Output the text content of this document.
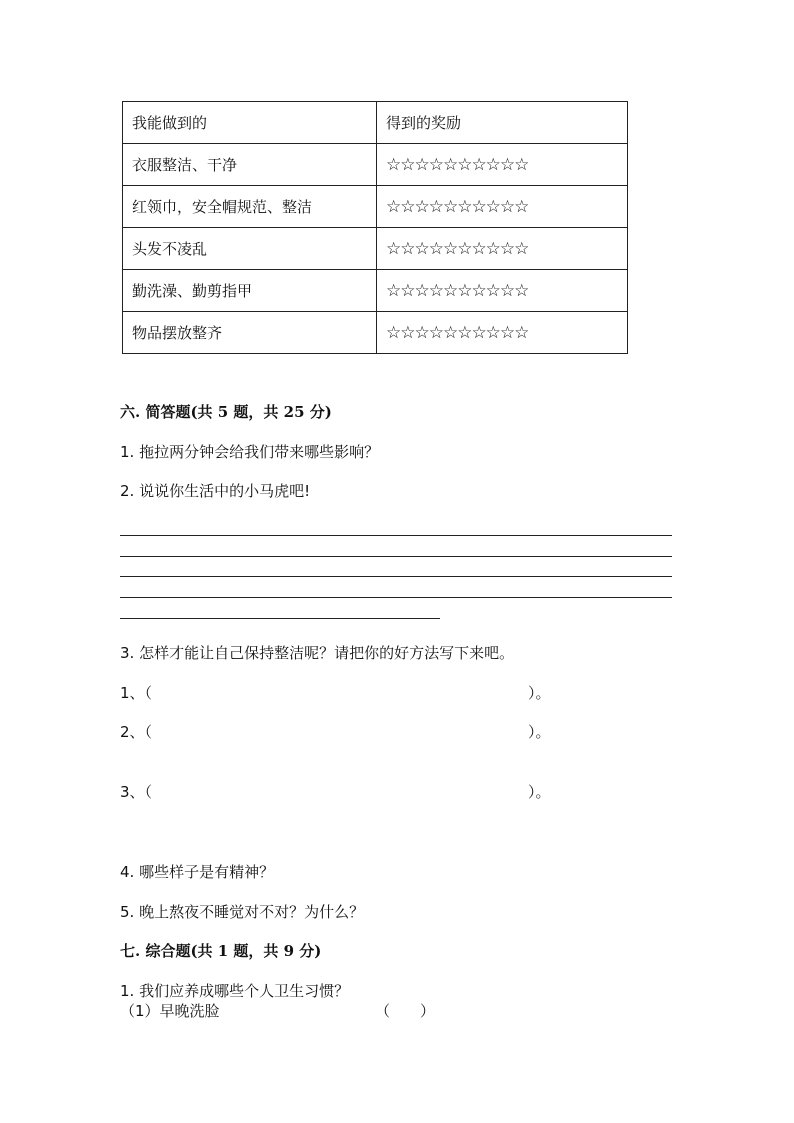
我能做到的	得到的奖励
衣服整洁、干净	☆☆☆☆☆☆☆☆☆☆
红领巾，安全帽规范、整洁	☆☆☆☆☆☆☆☆☆☆
头发不凌乱	☆☆☆☆☆☆☆☆☆☆
勤洗澡、勤剪指甲	☆☆☆☆☆☆☆☆☆☆
物品摆放整齐	☆☆☆☆☆☆☆☆☆☆
六. 简答题(共 5 题，共 25 分)
1. 拖拉两分钟会给我们带来哪些影响？
2. 说说你生活中的小马虎吧!
3. 怎样才能让自己保持整洁呢？请把你的好方法写下来吧。
1、（	）。
2、（	）。
3、（	）。
4. 哪些样子是有精神？
5. 晚上熬夜不睡觉对不对？为什么？
七. 综合题(共 1 题，共 9 分)
1. 我们应养成哪些个人卫生习惯？
（1）早晚洗脸	（　　）
